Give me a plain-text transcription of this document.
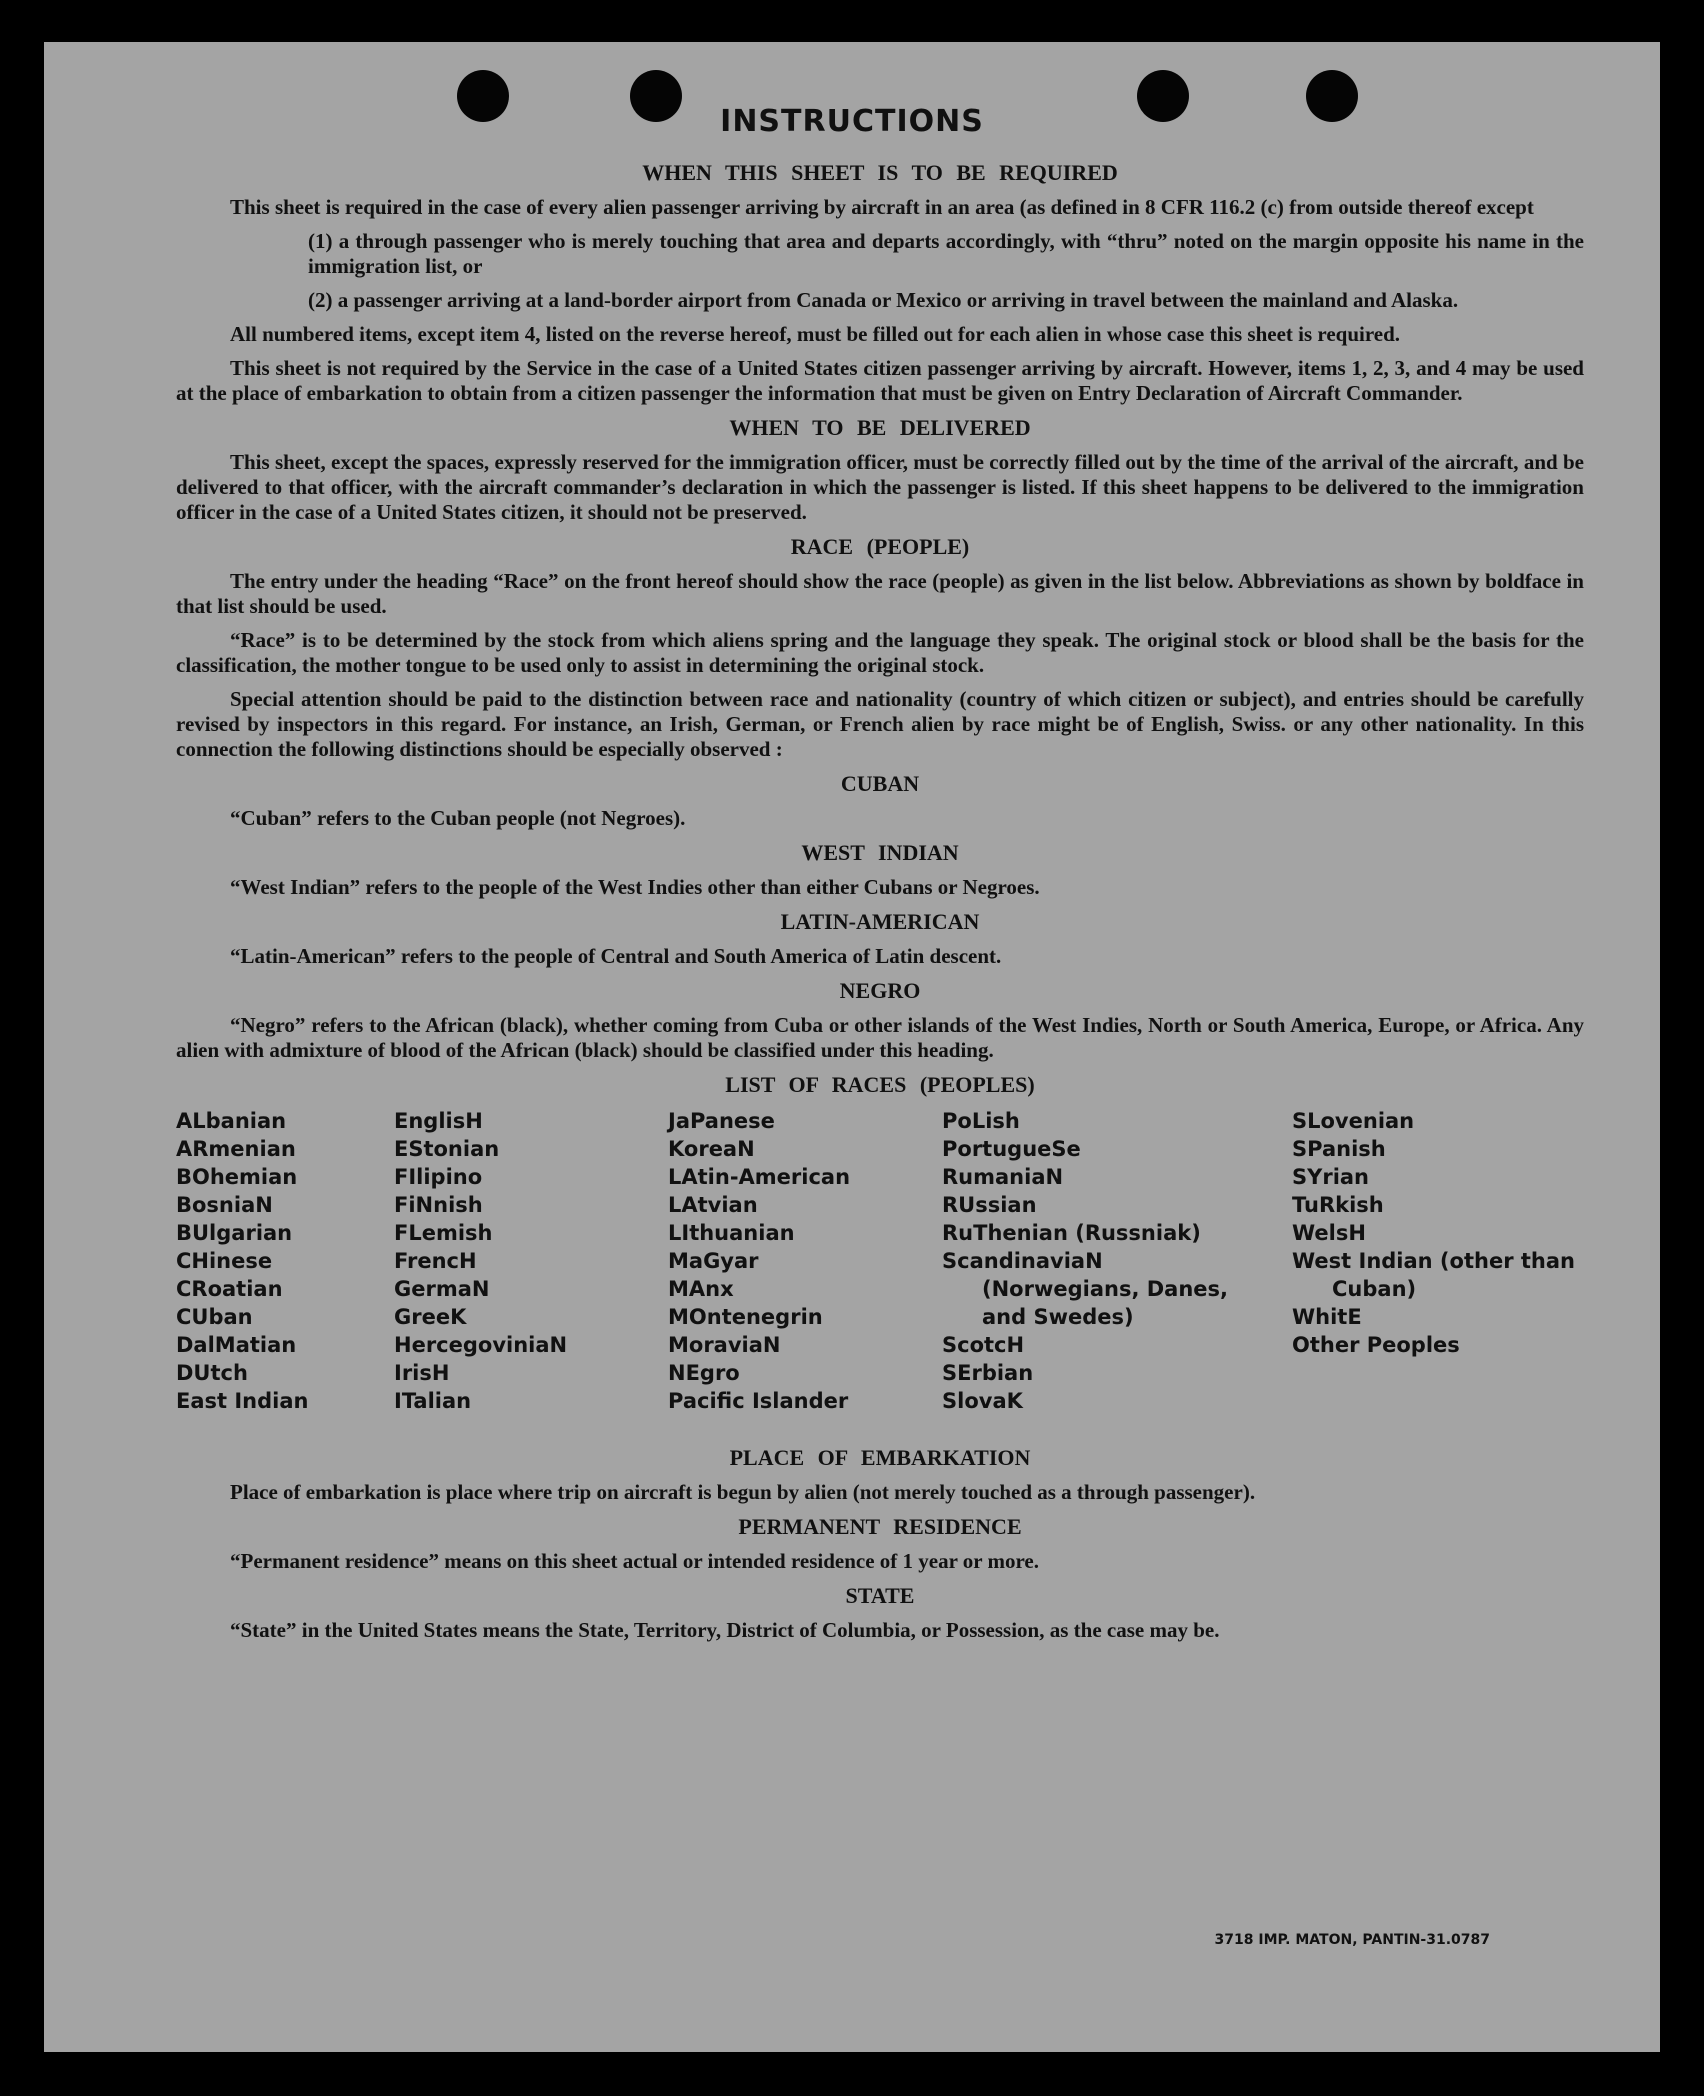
INSTRUCTIONS
WHEN THIS SHEET IS TO BE REQUIRED

This sheet is required in the case of every alien passenger arriving by aircraft in an area (as defined in 8 CFR 116.2 (c) from outside thereof except

(1) a through passenger who is merely touching that area and departs accordingly, with “thru” noted on the margin opposite his name in the immigration list, or
(2) a passenger arriving at a land-border airport from Canada or Mexico or arriving in travel between the mainland and Alaska.

All numbered items, except item 4, listed on the reverse hereof, must be filled out for each alien in whose case this sheet is required.

This sheet is not required by the Service in the case of a United States citizen passenger arriving by aircraft. However, items 1, 2, 3, and 4 may be used at the place of embarkation to obtain from a citizen passenger the information that must be given on Entry Declaration of Aircraft Commander.

WHEN TO BE DELIVERED

This sheet, except the spaces, expressly reserved for the immigration officer, must be correctly filled out by the time of the arrival of the aircraft, and be delivered to that officer, with the aircraft commander’s declaration in which the passenger is listed. If this sheet happens to be delivered to the immigration officer in the case of a United States citizen, it should not be preserved.

RACE (PEOPLE)

The entry under the heading “Race” on the front hereof should show the race (people) as given in the list below. Abbreviations as shown by boldface in that list should be used.

“Race” is to be determined by the stock from which aliens spring and the language they speak. The original stock or blood shall be the basis for the classification, the mother tongue to be used only to assist in determining the original stock.

Special attention should be paid to the distinction between race and nationality (country of which citizen or subject), and entries should be carefully revised by inspectors in this regard. For instance, an Irish, German, or French alien by race might be of English, Swiss. or any other nationality. In this connection the following distinctions should be especially observed :

CUBAN

“Cuban” refers to the Cuban people (not Negroes).

WEST INDIAN

“West Indian” refers to the people of the West Indies other than either Cubans or Negroes.

LATIN-AMERICAN

“Latin-American” refers to the people of Central and South America of Latin descent.

NEGRO

“Negro” refers to the African (black), whether coming from Cuba or other islands of the West Indies, North or South America, Europe, or Africa. Any alien with admixture of blood of the African (black) should be classified under this heading.

LIST OF RACES (PEOPLES)
ALbanian
ARmenian
BOhemian
BosniaN
BUlgarian
CHinese
CRoatian
CUban
DalMatian
DUtch
East Indian
EnglisH
EStonian
FIlipino
FiNnish
FLemish
FrencH
GermaN
GreeK
HercegoviniaN
IrisH
ITalian
JaPanese
KoreaN
LAtin-American
LAtvian
LIthuanian
MaGyar
MAnx
MOntenegrin
MoraviaN
NEgro
Pacific Islander
PoLish
PortugueSe
RumaniaN
RUssian
RuThenian (Russniak)
ScandinaviaN (Norwegians, Danes, and Swedes)
ScotcH
SErbian
SlovaK
SLovenian
SPanish
SYrian
TuRkish
WelsH
West Indian (other than Cuban)
WhitE
Other Peoples
PLACE OF EMBARKATION

Place of embarkation is place where trip on aircraft is begun by alien (not merely touched as a through passenger).

PERMANENT RESIDENCE

“Permanent residence” means on this sheet actual or intended residence of 1 year or more.

STATE

“State” in the United States means the State, Territory, District of Columbia, or Possession, as the case may be.

3718 IMP. MATON, PANTIN-31.0787
